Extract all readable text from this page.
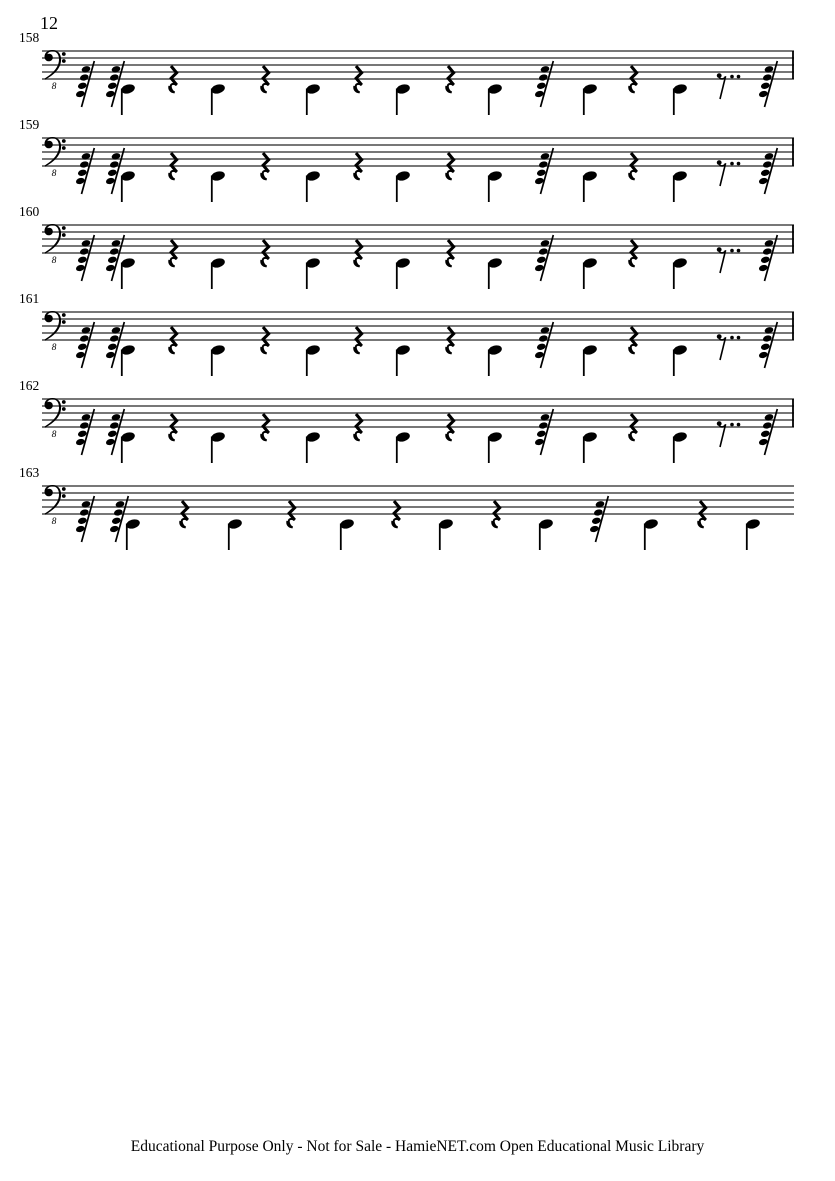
12
158
8
159
8
160
8
161
8
162
8
163
8
Educational Purpose Only - Not for Sale - HamieNET.com Open Educational Music Library
